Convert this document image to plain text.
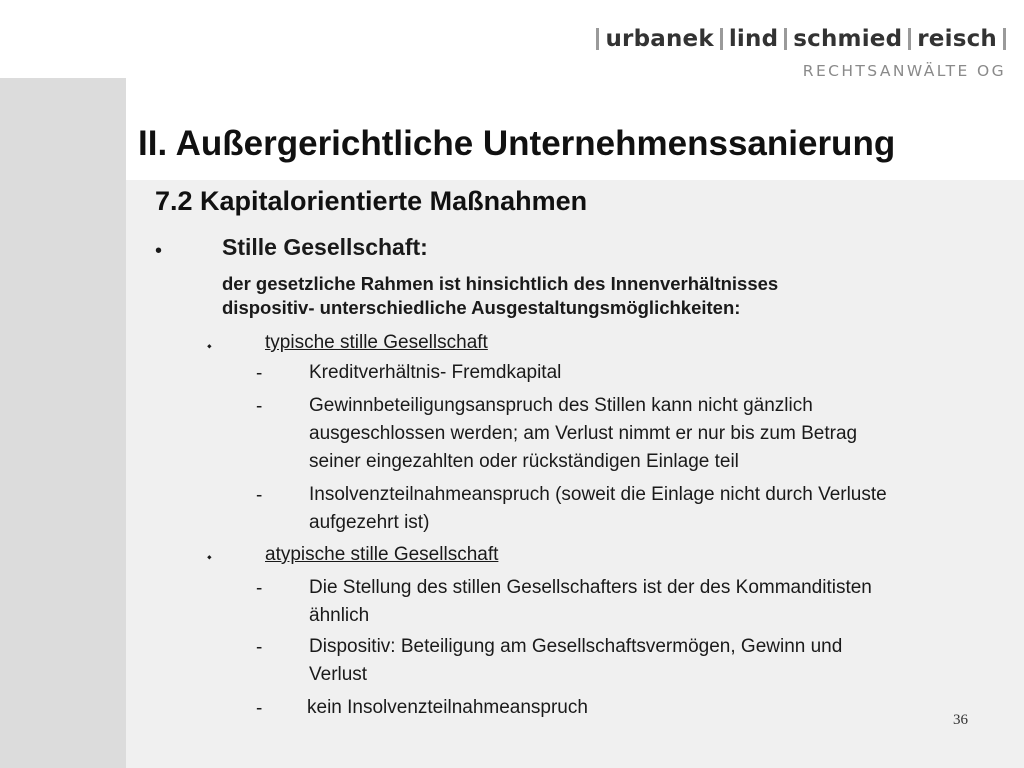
urbanek lind schmied reisch
RECHTSANWÄLTE OG
II. Außergerichtliche Unternehmenssanierung
7.2 Kapitalorientierte Maßnahmen
•	Stille Gesellschaft:
der gesetzliche Rahmen ist hinsichtlich des Innenverhältnisses
dispositiv- unterschiedliche Ausgestaltungsmöglichkeiten:
⬩	typische stille Gesellschaft
- Kreditverhältnis- Fremdkapital
- Gewinnbeteiligungsanspruch des Stillen kann nicht gänzlich
ausgeschlossen werden; am Verlust nimmt er nur bis zum Betrag
seiner eingezahlten oder rückständigen Einlage teil
- Insolvenzteilnahmeanspruch (soweit die Einlage nicht durch Verluste
aufgezehrt ist)
⬩	atypische stille Gesellschaft
- Die Stellung des stillen Gesellschafters ist der des Kommanditisten
ähnlich
- Dispositiv: Beteiligung am Gesellschaftsvermögen, Gewinn und
Verlust
- kein Insolvenzteilnahmeanspruch

36
